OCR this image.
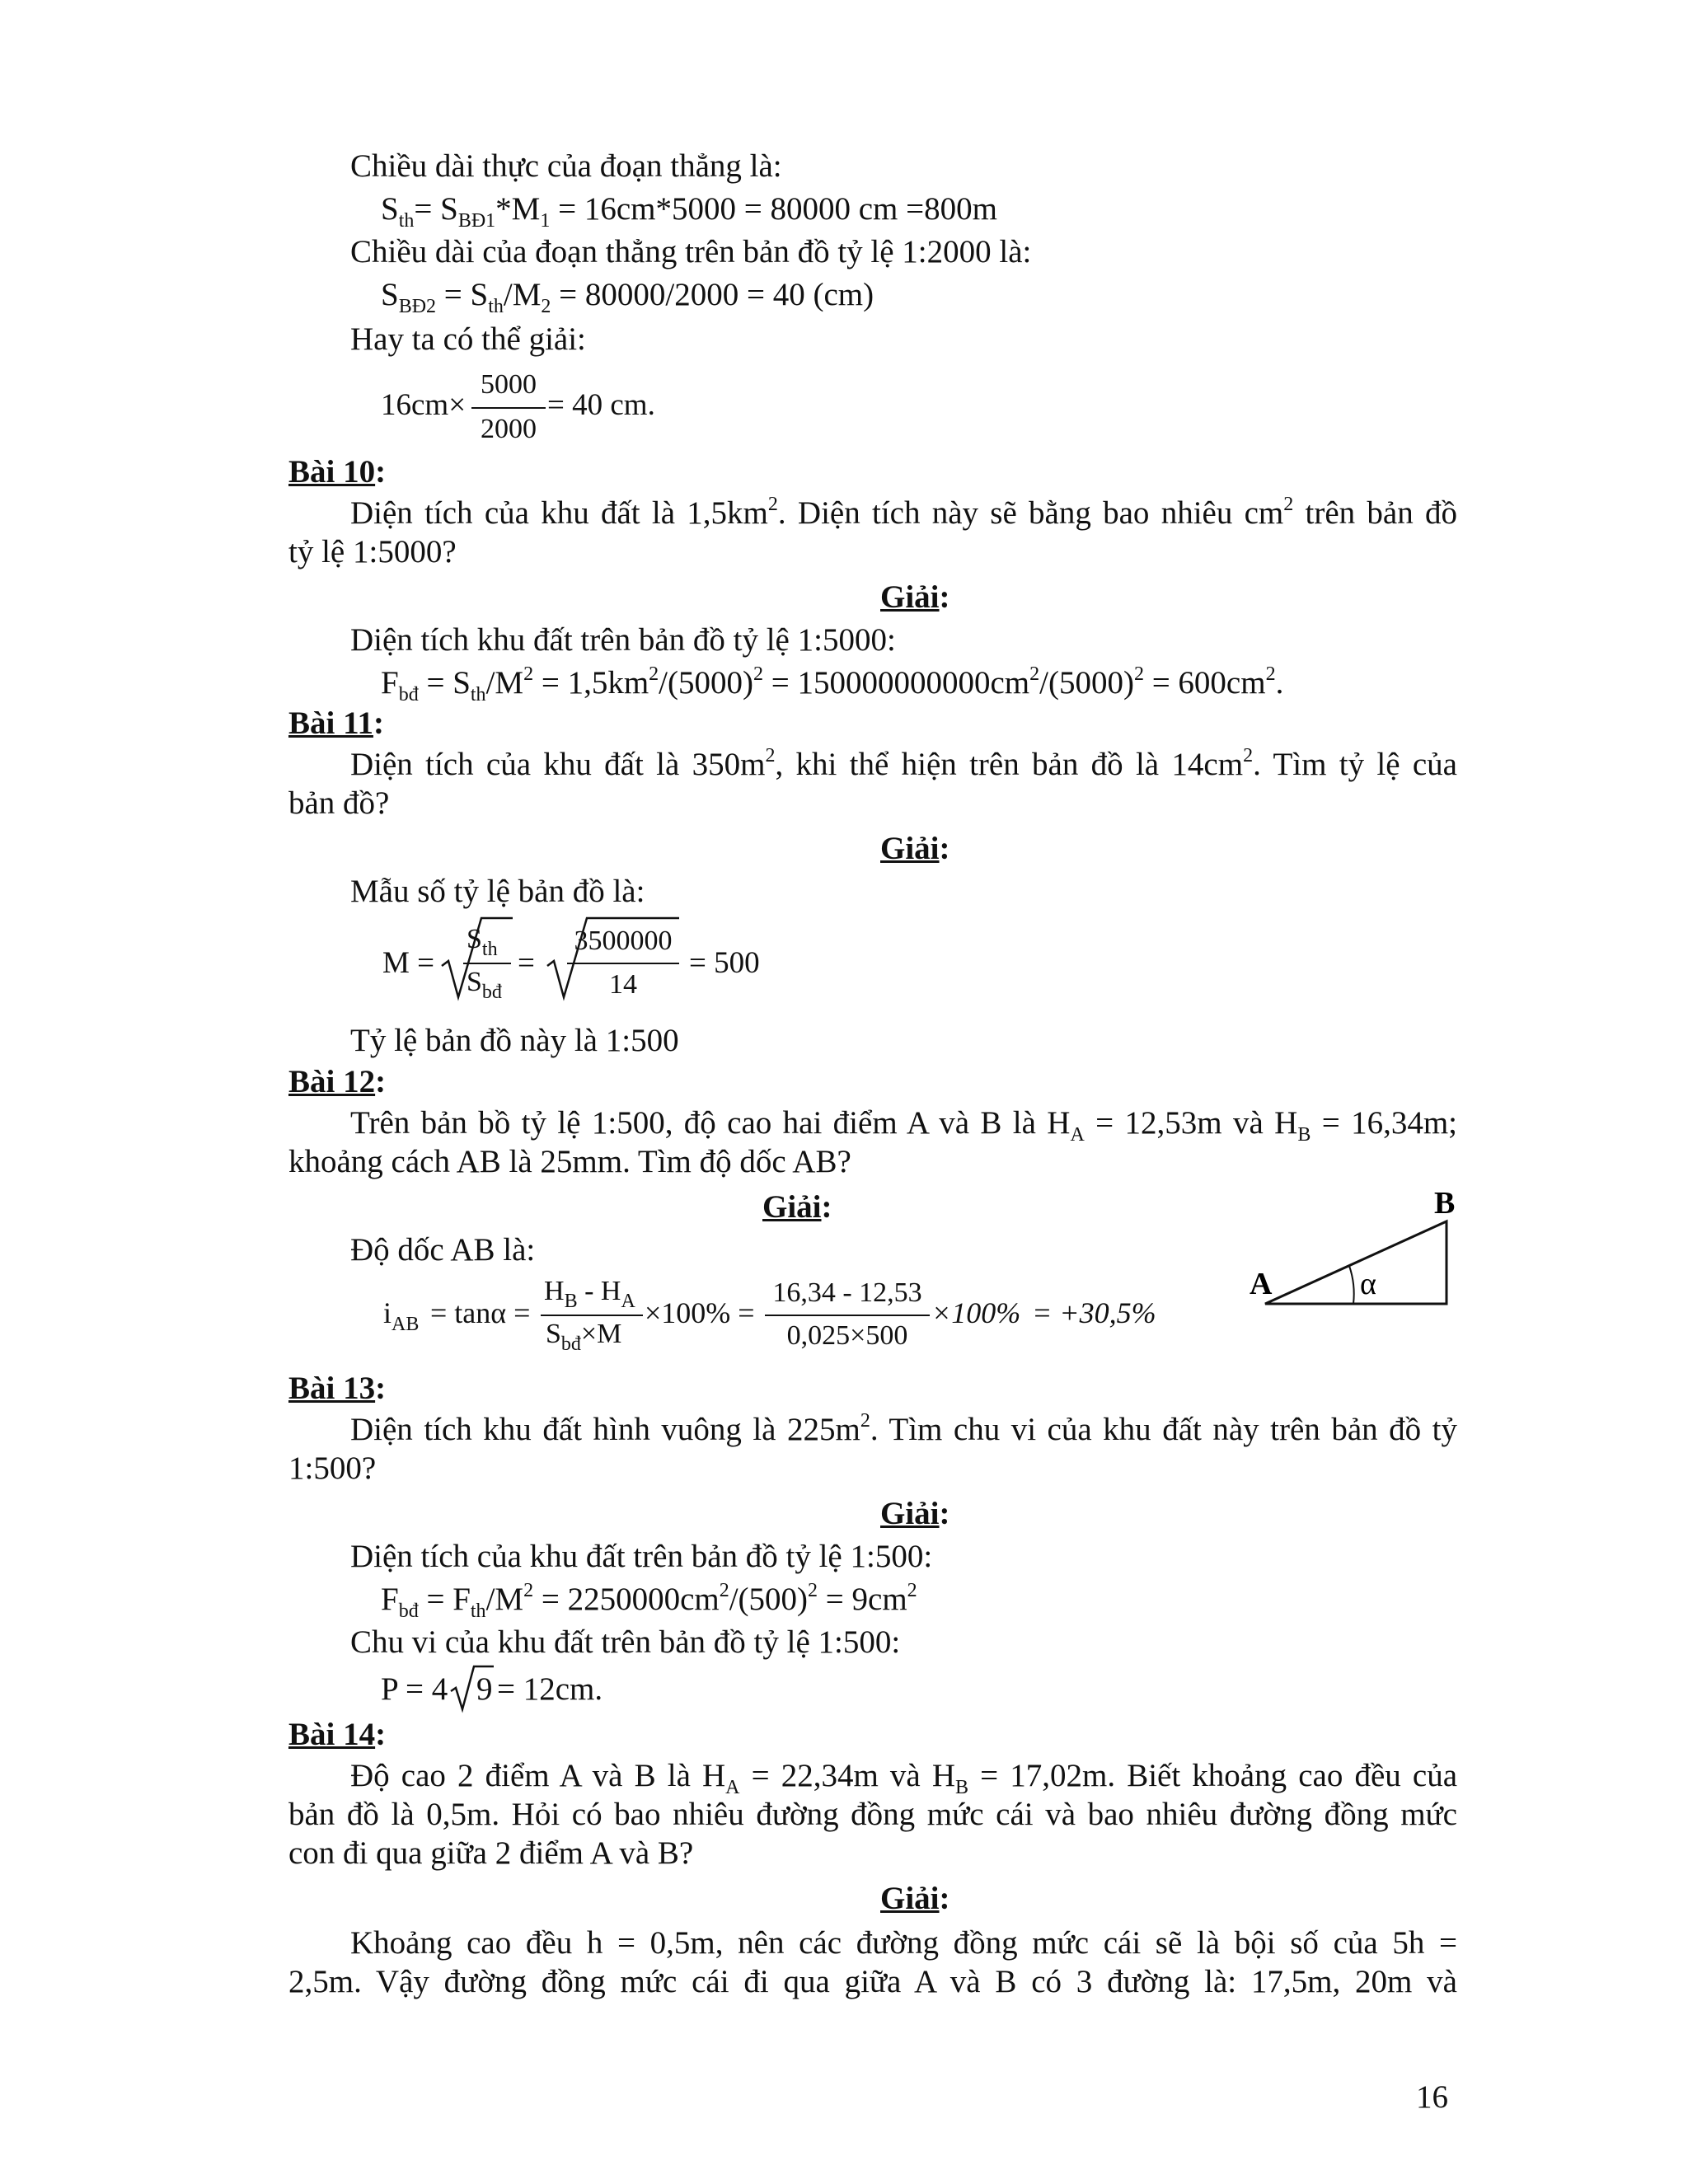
Chiều dài thực của đoạn thẳng là:
$S_{th}= S_{BĐ1}*M_1 = 16cm*5000 = 80000$ cm =800m
Chiều dài của đoạn thẳng trên bản đồ tỷ lệ 1:2000 là:
$S_{BĐ2} = S_{th}/M_2 = 80000/2000 = 40$ (cm)
Hay ta có thể giải:
16cm×
5000
2000
= 40 cm.
Bài 10:
Diện tích của khu đất là $1,5km^2$. Diện tích này sẽ bằng bao nhiêu $cm^2$ trên bản đồ
tỷ lệ 1:5000?
Giải:
Diện tích khu đất trên bản đồ tỷ lệ 1:5000:
$F_{bđ} = S_{th}/M^2 = 1,5km^2/(5000)^2 = 150000000000cm^2/(5000)^2 = 600cm^2$.
Bài 11:
Diện tích của khu đất là $350m^2$, khi thể hiện trên bản đồ là $14cm^2$. Tìm tỷ lệ của
bản đồ?
Giải:
Mẫu số tỷ lệ bản đồ là:
M =
$S_{th}$
$S_{bđ}$
=
3500000
14
= 500
Tỷ lệ bản đồ này là 1:500
Bài 12:
Trên bản bồ tỷ lệ 1:500, độ cao hai điểm A và B là $H_A = 12,53m$ và $H_B = 16,34m$;
khoảng cách AB là 25mm. Tìm độ dốc AB?
Giải:
Độ dốc AB là:
$i_{AB} = \tan\alpha$ =
$H_B - H_A$
$S_{bđ}\times M$
×100% =
16,34 - 12,53
0,025×500
×100% = +30,5%
A
B
α
Bài 13:
Diện tích khu đất hình vuông là $225m^2$. Tìm chu vi của khu đất này trên bản đồ tỷ
1:500?
Giải:
Diện tích của khu đất trên bản đồ tỷ lệ 1:500:
$F_{bđ} = F_{th}/M^2 = 2250000cm^2/(500)^2 = 9cm^2$
Chu vi của khu đất trên bản đồ tỷ lệ 1:500:
P = 4 = 12cm.
9
Bài 14:
Độ cao 2 điểm A và B là $H_A = 22,34m$ và $H_B = 17,02m$. Biết khoảng cao đều của
bản đồ là 0,5m. Hỏi có bao nhiêu đường đồng mức cái và bao nhiêu đường đồng mức
con đi qua giữa 2 điểm A và B?
Giải:
Khoảng cao đều h = 0,5m, nên các đường đồng mức cái sẽ là bội số của 5h =
2,5m. Vậy đường đồng mức cái đi qua giữa A và B có 3 đường là: 17,5m, 20m và
16
